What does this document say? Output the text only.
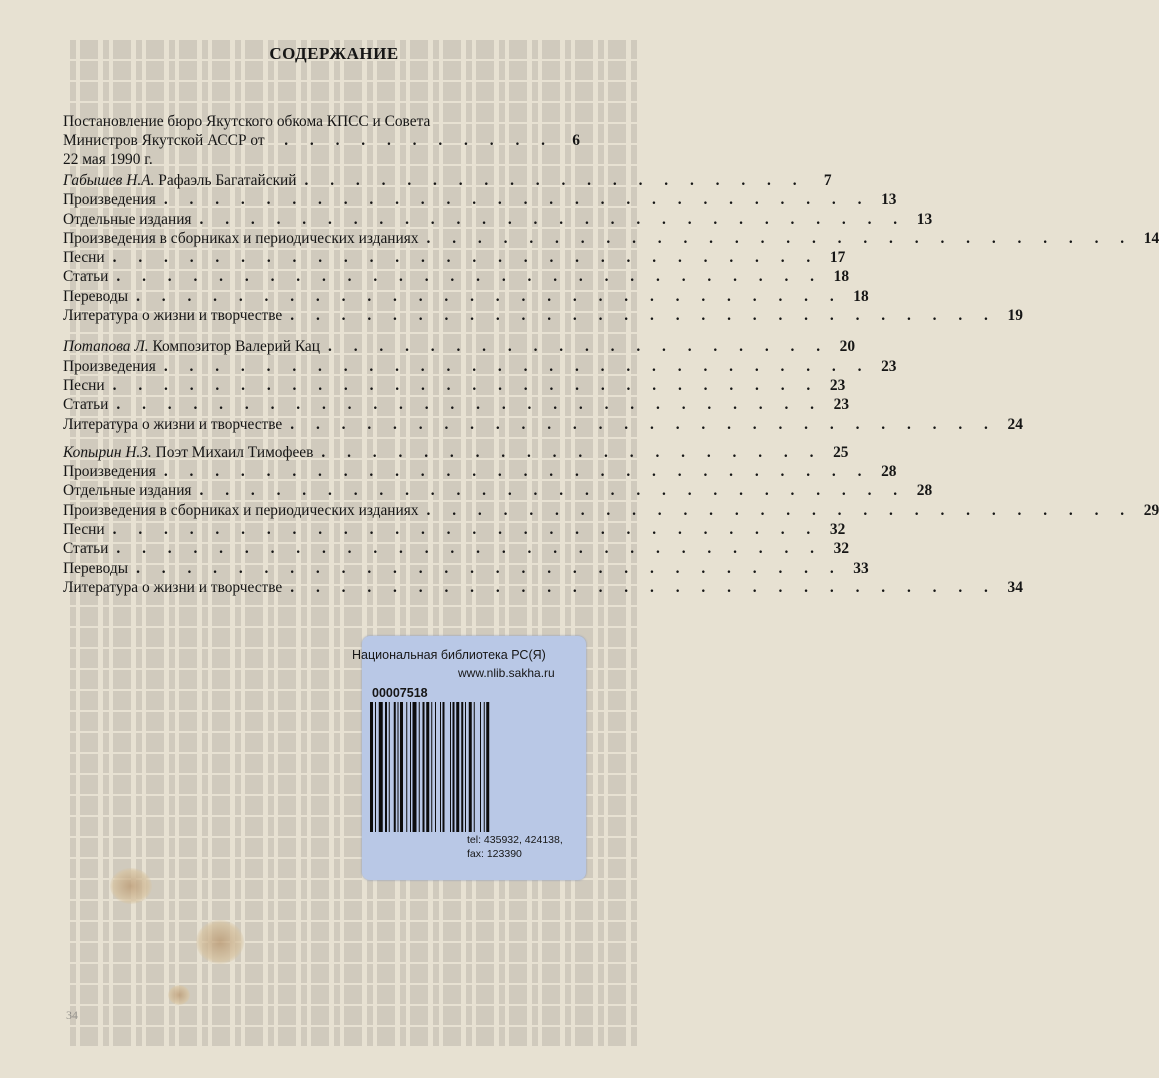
СОДЕРЖАНИЕ
Постановление бюро Якутского обкома КПСС и Совета
Министров Якутской АССР от 22 мая 1990 г.
. . . . . . . . . . .	6
Габышев Н.А. Рафаэль Багатайский . . . . . . . . . . . . . . . . . . . .	7
Произведения . . . . . . . . . . . . . . . . . . . . . . . . . . . . 13
Отдельные издания . . . . . . . . . . . . . . . . . . . . . . . . . . . . 13
Произведения в сборниках и периодических изданиях . . . . . . . . . . . . . . . . . . . . . . . . . . . . 14
Песни . . . . . . . . . . . . . . . . . . . . . . . . . . . . 17
Статьи . . . . . . . . . . . . . . . . . . . . . . . . . . . . 18
Переводы . . . . . . . . . . . . . . . . . . . . . . . . . . . . 18
Литература о жизни и творчестве . . . . . . . . . . . . . . . . . . . . . . . . . . . . 19
Потапова Л. Композитор Валерий Кац . . . . . . . . . . . . . . . . . . . . 20
Произведения . . . . . . . . . . . . . . . . . . . . . . . . . . . . 23
Песни . . . . . . . . . . . . . . . . . . . . . . . . . . . . 23
Статьи . . . . . . . . . . . . . . . . . . . . . . . . . . . . 23
Литература о жизни и творчестве . . . . . . . . . . . . . . . . . . . . . . . . . . . . 24
Копырин Н.З. Поэт Михаил Тимофеев . . . . . . . . . . . . . . . . . . . . 25
Произведения . . . . . . . . . . . . . . . . . . . . . . . . . . . . 28
Отдельные издания . . . . . . . . . . . . . . . . . . . . . . . . . . . . 28
Произведения в сборниках и периодических изданиях . . . . . . . . . . . . . . . . . . . . . . . . . . . . 29
Песни . . . . . . . . . . . . . . . . . . . . . . . . . . . . 32
Статьи . . . . . . . . . . . . . . . . . . . . . . . . . . . . 32
Переводы . . . . . . . . . . . . . . . . . . . . . . . . . . . . 33
Литература о жизни и творчестве . . . . . . . . . . . . . . . . . . . . . . . . . . . . 34
Национальная библиотека РС(Я)
www.nlib.sakha.ru
00007518
tel: 435932, 424138,
fax: 123390
34
